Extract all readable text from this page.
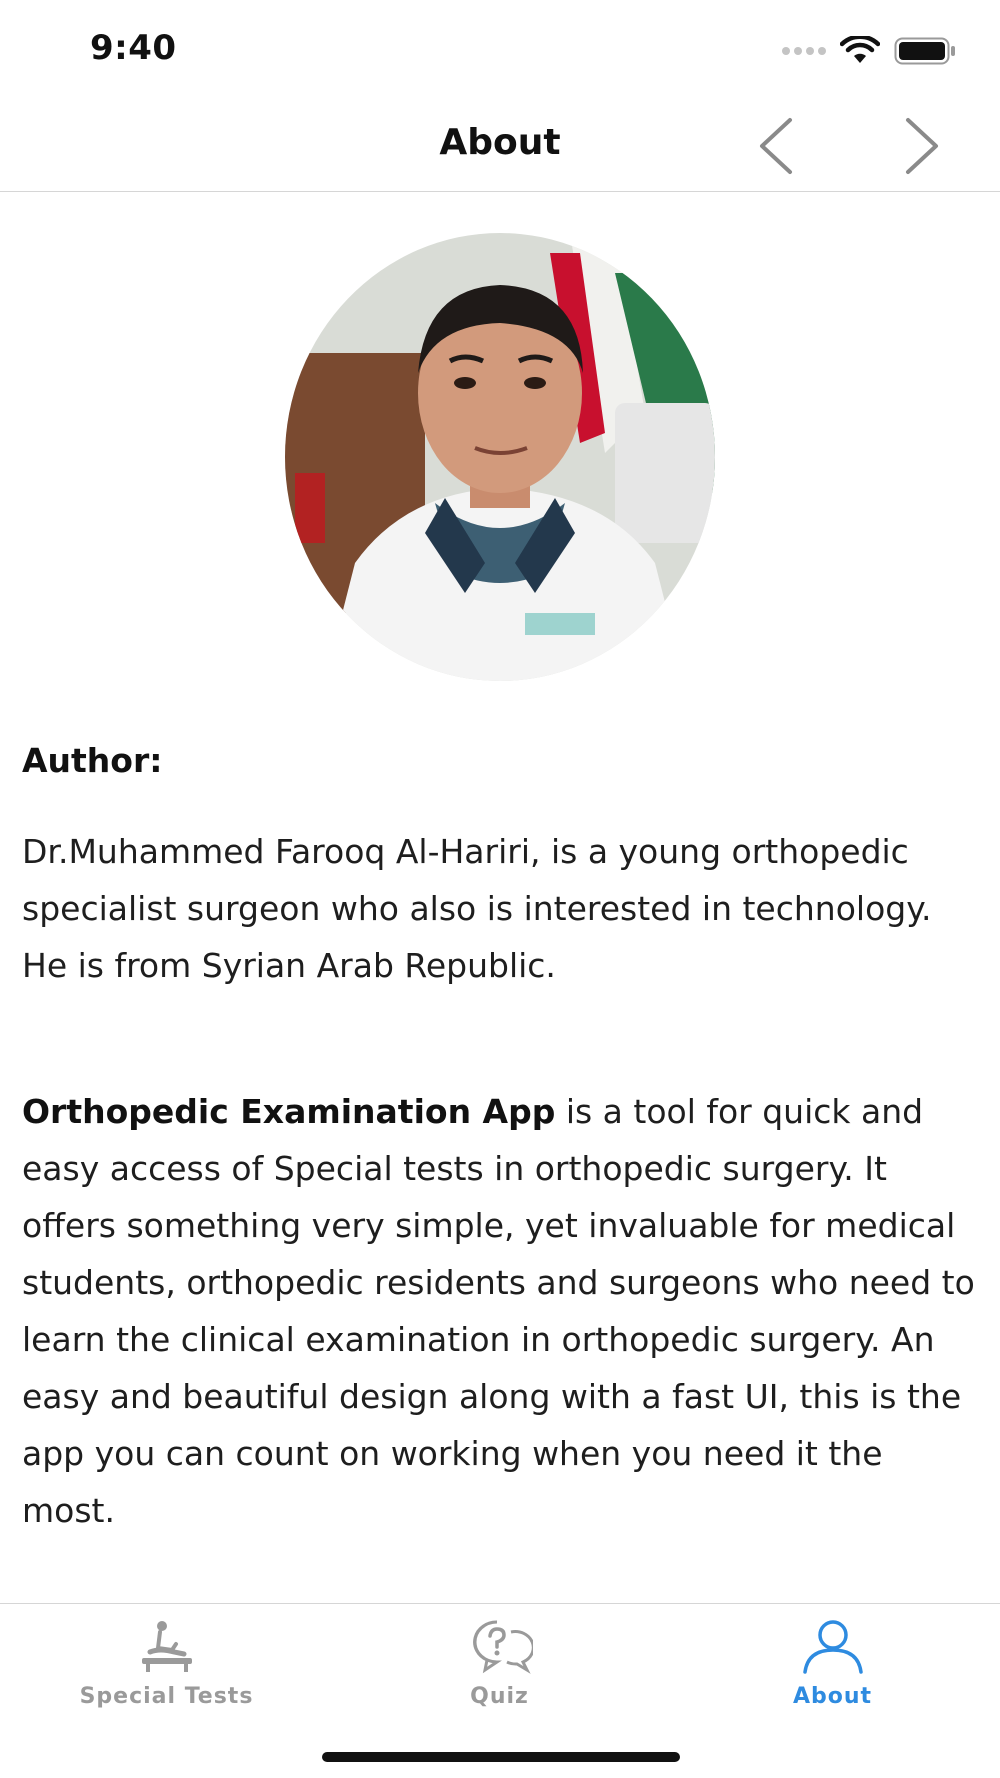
9:40
About
Author:

Dr.Muhammed Farooq Al-Hariri, is a young orthopedic specialist surgeon who also is interested in technology. He is from Syrian Arab Republic.

Orthopedic Examination App is a tool for quick and easy access of Special tests in orthopedic surgery. It offers something very simple, yet invaluable for medical students, orthopedic residents and surgeons who need to learn the clinical examination in orthopedic surgery. An easy and beautiful design along with a fast UI, this is the app you can count on working when you need it the most.

Special Tests	Quiz	About
